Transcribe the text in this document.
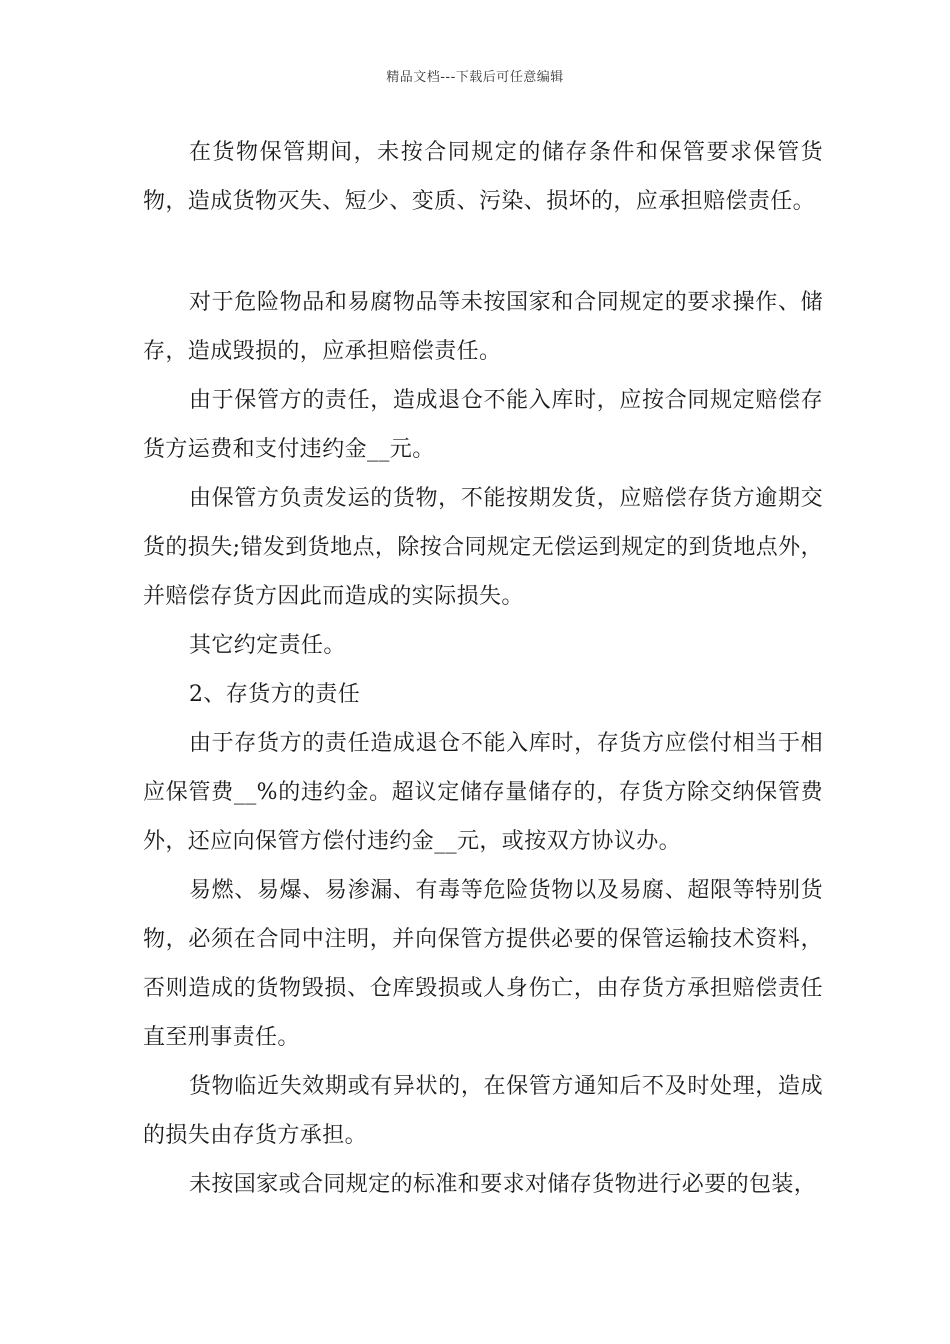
精品文档---下载后可任意编辑

在货物保管期间，未按合同规定的储存条件和保管要求保管货物，造成货物灭失、短少、变质、污染、损坏的，应承担赔偿责任。

对于危险物品和易腐物品等未按国家和合同规定的要求操作、储存，造成毁损的，应承担赔偿责任。

由于保管方的责任，造成退仓不能入库时，应按合同规定赔偿存货方运费和支付违约金__元。

由保管方负责发运的货物，不能按期发货，应赔偿存货方逾期交货的损失;错发到货地点，除按合同规定无偿运到规定的到货地点外，并赔偿存货方因此而造成的实际损失。

其它约定责任。

2、存货方的责任

由于存货方的责任造成退仓不能入库时，存货方应偿付相当于相应保管费__%的违约金。超议定储存量储存的，存货方除交纳保管费外，还应向保管方偿付违约金__元，或按双方协议办。

易燃、易爆、易渗漏、有毒等危险货物以及易腐、超限等特别货物，必须在合同中注明，并向保管方提供必要的保管运输技术资料，否则造成的货物毁损、仓库毁损或人身伤亡，由存货方承担赔偿责任直至刑事责任。

货物临近失效期或有异状的，在保管方通知后不及时处理，造成的损失由存货方承担。

未按国家或合同规定的标准和要求对储存货物进行必要的包装，
